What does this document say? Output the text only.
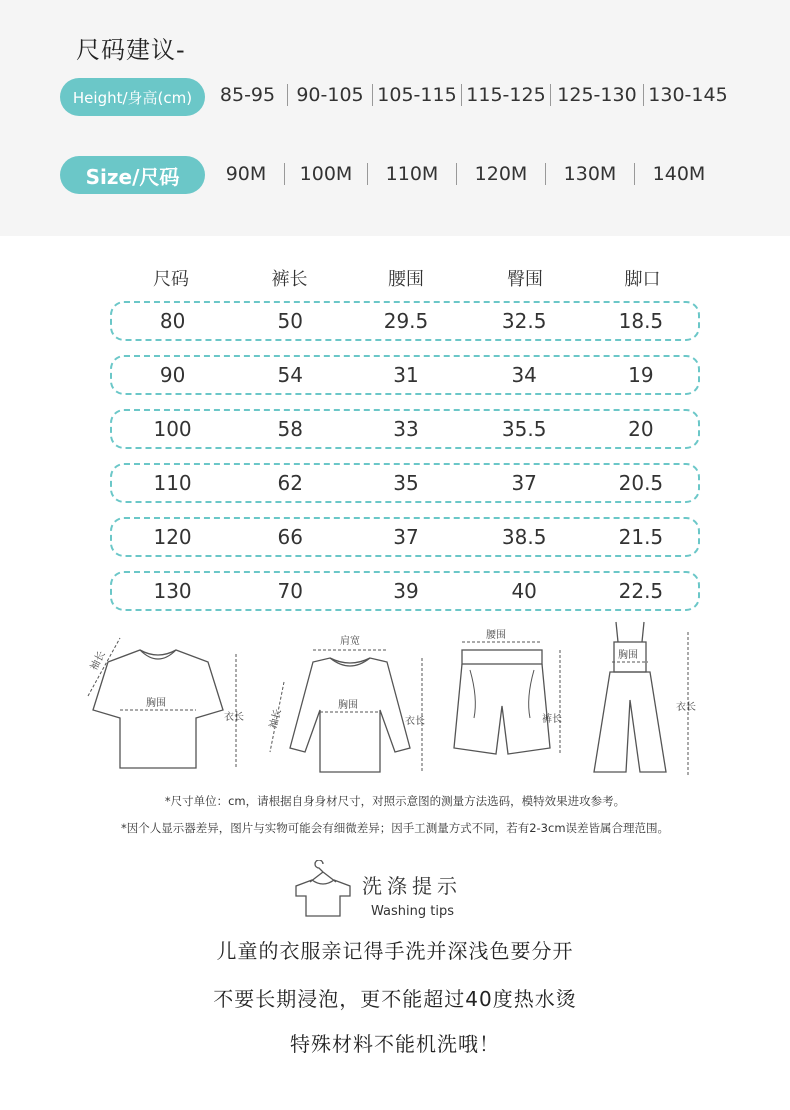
尺码建议-
Height/身高(cm)	85-95	90-105 105-115 115-125 125-130 130-145
Size/尺码	90M	100M	110M	120M	130M	140M
尺码	裤长	腰围	臀围	脚口
80	50	29.5	32.5	18.5
90	54	31	34	19
100	58	33	35.5	20
110	62	35	37	20.5
120	66	37	38.5	21.5
130	70	39	40	22.5
袖长
胸围
衣长
肩宽
胸围
袖长	衣长
腰围
裤长
胸围
衣长
*尺寸单位：cm，请根据自身身材尺寸，对照示意图的测量方法选码，模特效果进攻参考。
*因个人显示器差异，图片与实物可能会有细微差异；因手工测量方式不同，若有2-3cm误差皆属合理范围。
洗涤提示
Washing tips
儿童的衣服亲记得手洗并深浅色要分开
不要长期浸泡，更不能超过40度热水烫
特殊材料不能机洗哦！
